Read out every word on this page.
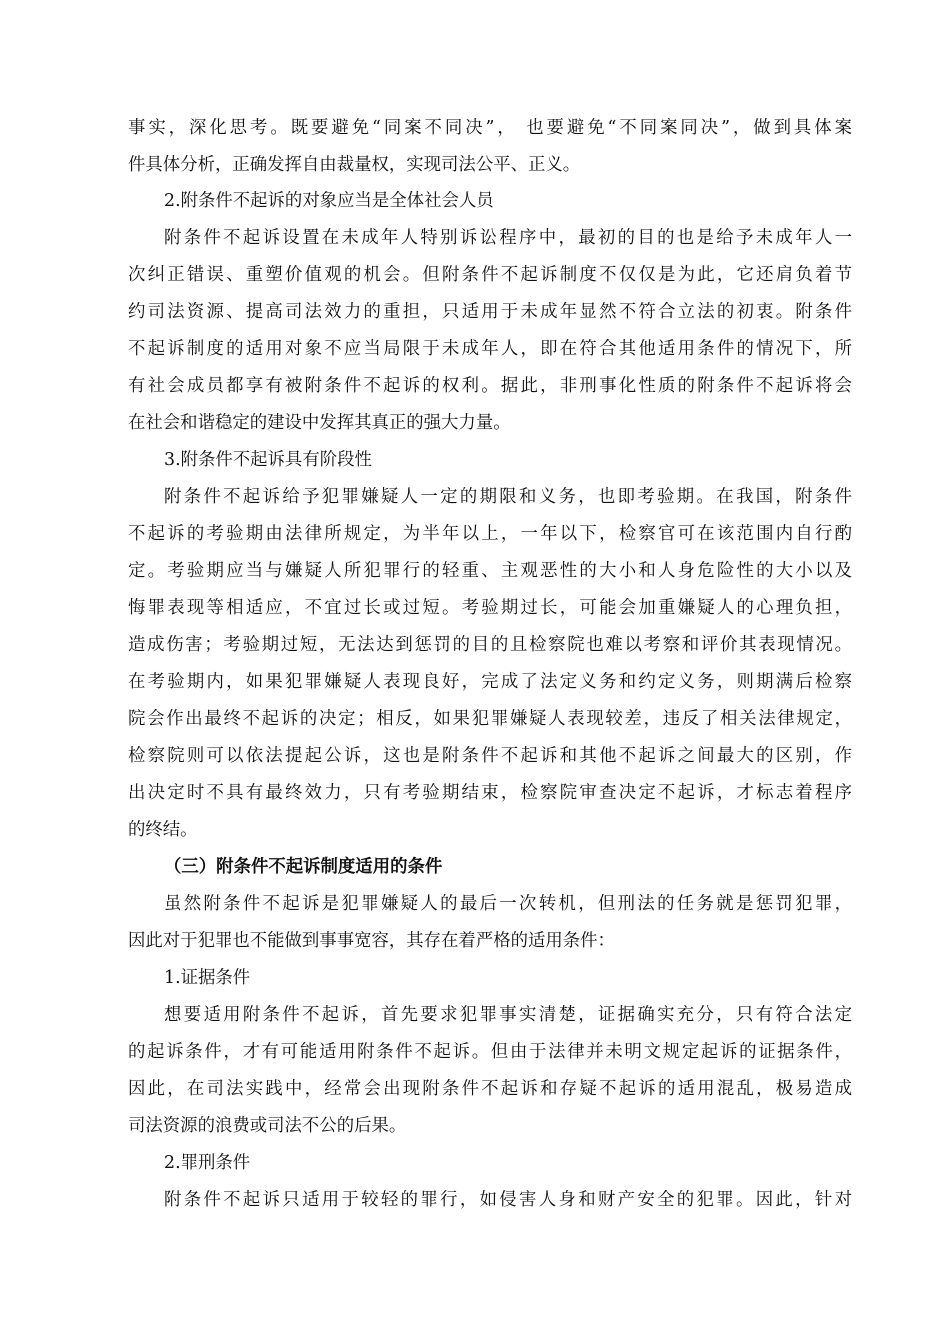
事实，深化思考。既要避免“同案不同决”， 也要避免“不同案同决”，做到具体案
件具体分析，正确发挥自由裁量权，实现司法公平、正义。
2.附条件不起诉的对象应当是全体社会人员
附条件不起诉设置在未成年人特别诉讼程序中，最初的目的也是给予未成年人一
次纠正错误、重塑价值观的机会。但附条件不起诉制度不仅仅是为此，它还肩负着节
约司法资源、提高司法效力的重担，只适用于未成年显然不符合立法的初衷。附条件
不起诉制度的适用对象不应当局限于未成年人，即在符合其他适用条件的情况下，所
有社会成员都享有被附条件不起诉的权利。据此，非刑事化性质的附条件不起诉将会
在社会和谐稳定的建设中发挥其真正的强大力量。
3.附条件不起诉具有阶段性
附条件不起诉给予犯罪嫌疑人一定的期限和义务，也即考验期。在我国，附条件
不起诉的考验期由法律所规定，为半年以上，一年以下，检察官可在该范围内自行酌
定。考验期应当与嫌疑人所犯罪行的轻重、主观恶性的大小和人身危险性的大小以及
悔罪表现等相适应，不宜过长或过短。考验期过长，可能会加重嫌疑人的心理负担，
造成伤害；考验期过短，无法达到惩罚的目的且检察院也难以考察和评价其表现情况。
在考验期内，如果犯罪嫌疑人表现良好，完成了法定义务和约定义务，则期满后检察
院会作出最终不起诉的决定；相反，如果犯罪嫌疑人表现较差，违反了相关法律规定，
检察院则可以依法提起公诉，这也是附条件不起诉和其他不起诉之间最大的区别，作
出决定时不具有最终效力，只有考验期结束，检察院审查决定不起诉，才标志着程序
的终结。
（三）附条件不起诉制度适用的条件
虽然附条件不起诉是犯罪嫌疑人的最后一次转机，但刑法的任务就是惩罚犯罪，
因此对于犯罪也不能做到事事宽容，其存在着严格的适用条件：
1.证据条件
想要适用附条件不起诉，首先要求犯罪事实清楚，证据确实充分，只有符合法定
的起诉条件，才有可能适用附条件不起诉。但由于法律并未明文规定起诉的证据条件，
因此，在司法实践中，经常会出现附条件不起诉和存疑不起诉的适用混乱，极易造成
司法资源的浪费或司法不公的后果。
2.罪刑条件
附条件不起诉只适用于较轻的罪行，如侵害人身和财产安全的犯罪。因此，针对
